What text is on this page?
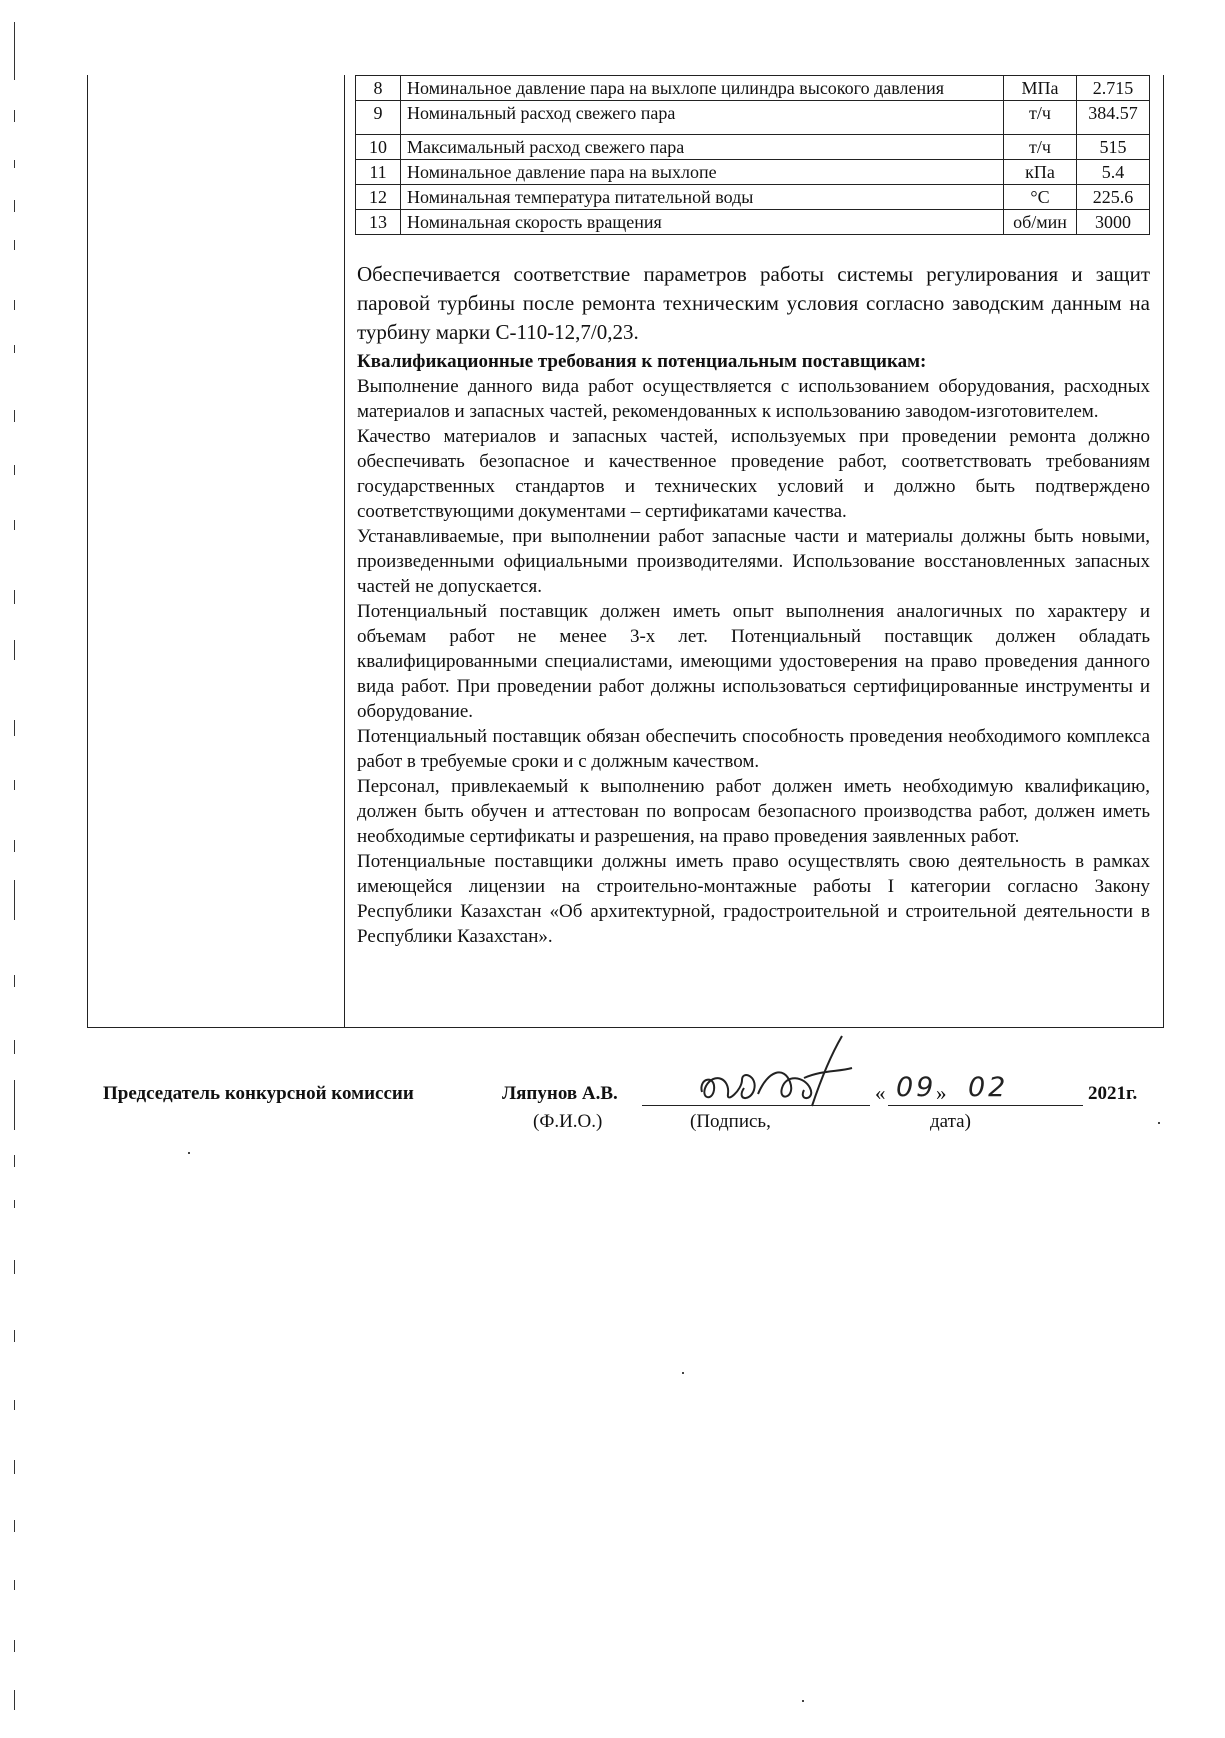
8	Номинальное давление пара на выхлопе цилиндра высокого давления	МПа	2.715
9	Номинальный расход свежего пара	т/ч	384.57
10	Максимальный расход свежего пара	т/ч	515
11	Номинальное давление пара на выхлопе	кПа	5.4
12	Номинальная температура питательной воды	°С	225.6
13	Номинальная скорость вращения	об/мин	3000

Обеспечивается соответствие параметров работы системы регулирования и защит паровой турбины после ремонта техническим условия согласно заводским данным на турбину марки С-110-12,7/0,23.

Квалификационные требования к потенциальным поставщикам:

Выполнение данного вида работ осуществляется с использованием оборудования, расходных материалов и запасных частей, рекомендованных к использованию заводом-изготовителем.

Качество материалов и запасных частей, используемых при проведении ремонта должно обеспечивать безопасное и качественное проведение работ, соответствовать требованиям государственных стандартов и технических условий и должно быть подтверждено соответствующими документами – сертификатами качества.

Устанавливаемые, при выполнении работ запасные части и материалы должны быть новыми, произведенными официальными производителями. Использование восстановленных запасных частей не допускается.

Потенциальный поставщик должен иметь опыт выполнения аналогичных по характеру и объемам работ не менее 3-х лет. Потенциальный поставщик должен обладать квалифицированными специалистами, имеющими удостоверения на право проведения данного вида работ. При проведении работ должны использоваться сертифицированные инструменты и оборудование.

Потенциальный поставщик обязан обеспечить способность проведения необходимого комплекса работ в требуемые сроки и с должным качеством.

Персонал, привлекаемый к выполнению работ должен иметь необходимую квалификацию, должен быть обучен и аттестован по вопросам безопасного производства работ, должен иметь необходимые сертификаты и разрешения, на право проведения заявленных работ.

Потенциальные поставщики должны иметь право осуществлять свою деятельность в рамках имеющейся лицензии на строительно-монтажные работы I категории согласно Закону Республики Казахстан «Об архитектурной, градостроительной и строительной деятельности в Республики Казахстан».

Председатель конкурсной комиссии	Ляпунов А.В.	« 09 » 02	2021г.
(Ф.И.О.)	(Подпись,	дата)
